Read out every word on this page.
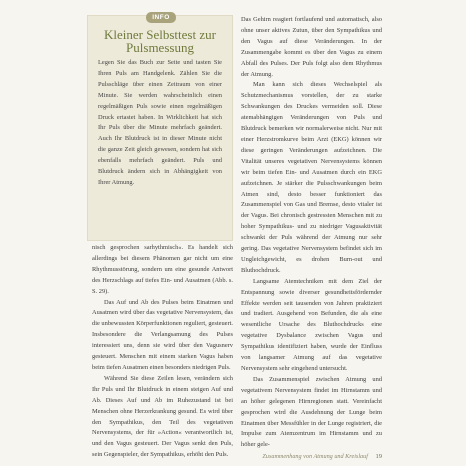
INFO
Kleiner Selbsttest zur Pulsmessung
Legen Sie das Buch zur Seite und tasten Sie Ihren Puls am Handgelenk. Zählen Sie die Pulsschläge über einen Zeitraum von einer Minute. Sie werden wahrscheinlich einen regelmäßigen Puls sowie einen regelmäßigen Druck ertastet haben. In Wirklichkeit hat sich Ihr Puls über die Minute mehrfach geändert. Auch Ihr Blutdruck ist in dieser Minute nicht die ganze Zeit gleich gewesen, sondern hat sich ebenfalls mehrfach geändert. Puls und Blutdruck ändern sich in Abhängigkeit von Ihrer Atmung.

nisch gesprochen sarhythmisch«. Es handelt sich allerdings bei diesem Phänomen gar nicht um eine Rhythmusstörung, sondern um eine gesunde Antwort des Herzschlags auf tiefes Ein- und Ausatmen (Abb. s. S. 29).

Das Auf und Ab des Pulses beim Einatmen und Ausatmen wird über das vegetative Nervensystem, das die unbewussten Körperfunktionen reguliert, gesteuert. Insbesondere die Verlangsamung des Pulses interessiert uns, denn sie wird über den Vagusnerv gesteuert. Menschen mit einem starken Vagus haben beim tiefen Ausatmen einen besonders niedrigen Puls.

Während Sie diese Zeilen lesen, verändern sich Ihr Puls und Ihr Blutdruck in einem steigen Auf und Ab. Dieses Auf und Ab im Ruhezustand ist bei Menschen ohne Herzerkrankung gesund. Es wird über den Sympathikus, den Teil des vegetativen Nervensystems, der für »Action« verantwortlich ist, und den Vagus gesteuert. Der Vagus senkt den Puls, sein Gegenspieler, der Sympathikus, erhöht den Puls.

Das Gehirn reagiert fortlaufend und automatisch, also ohne unser aktives Zutun, über den Sympathikus und den Vagus auf diese Veränderungen. In der Zusammengabe kommt es über den Vagus zu einem Abfall des Pulses. Der Puls folgt also dem Rhythmus der Atmung.

Man kann sich dieses Wechselspiel als Schutzmechanismus vorstellen, der zu starke Schwankungen des Druckes vermeiden soll. Diese atemabhängigen Veränderungen von Puls und Blutdruck bemerken wir normalerweise nicht. Nur mit einer Herzstromkurve beim Arzt (EKG) können wir diese geringen Veränderungen aufzeichnen. Die Vitalität unseres vegetativen Nervensystems können wir beim tiefen Ein- und Ausatmen durch ein EKG aufzeichnen. Je stärker die Pulsschwankungen beim Atmen sind, desto besser funktioniert das Zusammenspiel von Gas und Bremse, desto vitaler ist der Vagus. Bei chronisch gestressten Menschen mit zu hoher Sympathikus- und zu niedriger Vagusaktivität schwankt der Puls während der Atmung nur sehr gering. Das vegetative Nervensystem befindet sich im Ungleichgewicht, es drohen Burn-out und Bluthochdruck.

Langsame Atemtechniken mit dem Ziel der Entspannung sowie diverser gesundheitsfördernder Effekte werden seit tausenden von Jahren praktiziert und tradiert. Ausgehend von Befunden, die als eine wesentliche Ursache des Bluthochdrucks eine vegetative Dysbalance zwischen Vagus und Sympathikus identifiziert haben, wurde der Einfluss von langsamer Atmung auf das vegetative Nervensystem sehr eingehend untersucht.

Das Zusammenspiel zwischen Atmung und vegetativem Nervensystem findet im Hirnstamm und an höher gelegenen Hirnregionen statt. Vereinfacht gesprochen wird die Ausdehnung der Lunge beim Einatmen über Messfühler in der Lunge registriert, die Impulse zum Atemzentrum im Hirnstamm und zu höher gele-

Zusammenhang von Atmung und Kreislauf 19
